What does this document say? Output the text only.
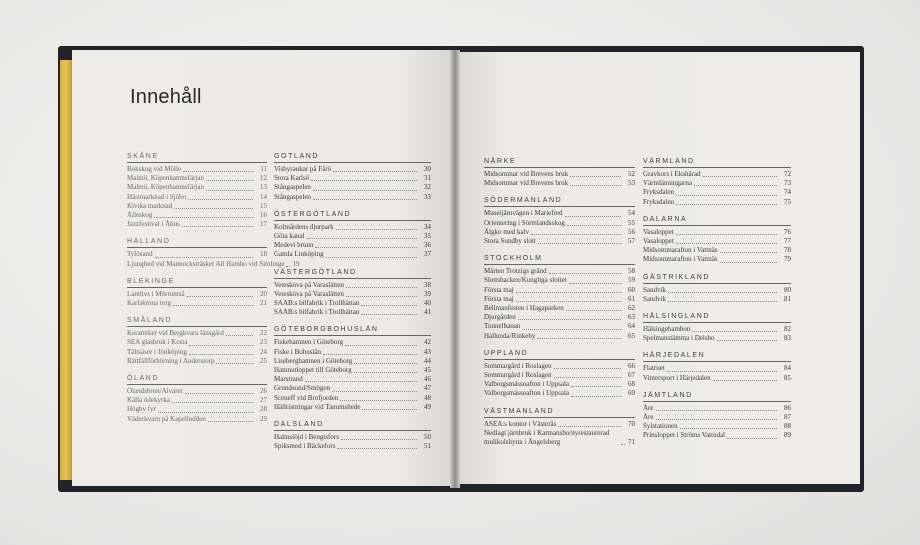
Innehåll
SKÅNE
Bokskog vid Mölle	11
Malmö, Köpenhamnsfärjan	12
Malmö, Köpenhamnsfärjan	13
Hästmarknad i Sjöbo	14
Kivika marknad	15
Ålleskog	16
Jazzfestival i Åhus	17
HALLAND
Tylösand	18
Ljunghed vid Mannocksträsket All Hambo vid Simlinge 19
BLEKINGE
Lantlivs i Mörrumså	20
Karlskrona torg	21
SMÅLAND
Keramiker vid Bergkvara länsgård	22
SEA glasbruk i Kosta	23
Tältsäsre i Jönköping	24
Rättfällförhörning i Anderstorp	25
ÖLAND
Ölandsbron/Alvaret	26
Källa ödekyrka	27
Högby fyr	28
Väderkvarn på Kapelludden	29
GOTLAND
Visbyraukar på Fårö	30
Stora Karlsö	31
Stångaspelen	32
Stångaspelen	33
ÖSTERGÖTLAND
Kolmårdens djurpark	34
Göta kanal	35
Medevi brunn	36
Gamla Linköping	37
VÄSTERGÖTLAND
Vetesköva på Varaslätten	38
Vetesköva på Varaslätten	39
SAAB:s bilfabrik i Trollhättan	40
SAAB:s bilfabrik i Trollhättan	41
GÖTEBORGBOHUSLÄN
Fiskehamnen i Göteborg	42
Fiske i Bohuslän	43
Liseberghamnen i Göteborg	44
Hamnutloppet till Göteborg	45
Marstrand	46
Grundsund/Smögen	47
Sceneff vid Brofjorden	48
Hällristningar vid Tanumshede	49
DALSLAND
Halmslöjd i Bengtsfors	50
Spiksmed i Bäckefors	51
NÄRKE
Midsommar vid Brevens bruk	52
Midsommar vid Brevens bruk	53
SÖDERMANLAND
Museijärnvägen i Mariefred	54
Orientering i Sörmlandsskog	55
Älgko med kalv	56
Stora Sundby slott	57
STOCKHOLM
Mårten Trotzigs gränd	58
Slottsbacken/Kungliga slottet	59
Första maj	60
Första maj	61
Bellmanfesten i Hagaparken	62
Djurgården	63
Tunnelbanan	64
Hallunda/Rinkeby	65
UPPLAND
Sommargård i Roslagen	66
Sommargård i Roslagen	67
Valborgsmässoafton i Uppsala	68
Valborgsmässoafton i Uppsala	69
VÄSTMANLAND
ASEA:s kontor i Västerås	70
Nedlagt järnbruk i Karmansbo/nyrestaurerad mulikolshytta i Ängelsberg	71
VÄRMLAND
Gravkors i Ekshärad	72
Värmlänningarna	73
Fryksdalen	74
Fryksdalen	75
DALARNA
Vasaloppet	76
Vasaloppet	77
Midsommarafton i Vattnäs	78
Midsommarafton i Vattnäs	79
GÄSTRIKLAND
Sandvik	80
Sandvik	81
HÄLSINGLAND
Hälsingehambon	82
Spelmanstämma i Delsbo	83
HÄRJEDALEN
Flatruet	84
Vintersport i Härjedalen	85
JÄMTLAND
Åre	86
Åre	87
Sylstationen	88
Prinsloppet i Ströms Vattudal	89
